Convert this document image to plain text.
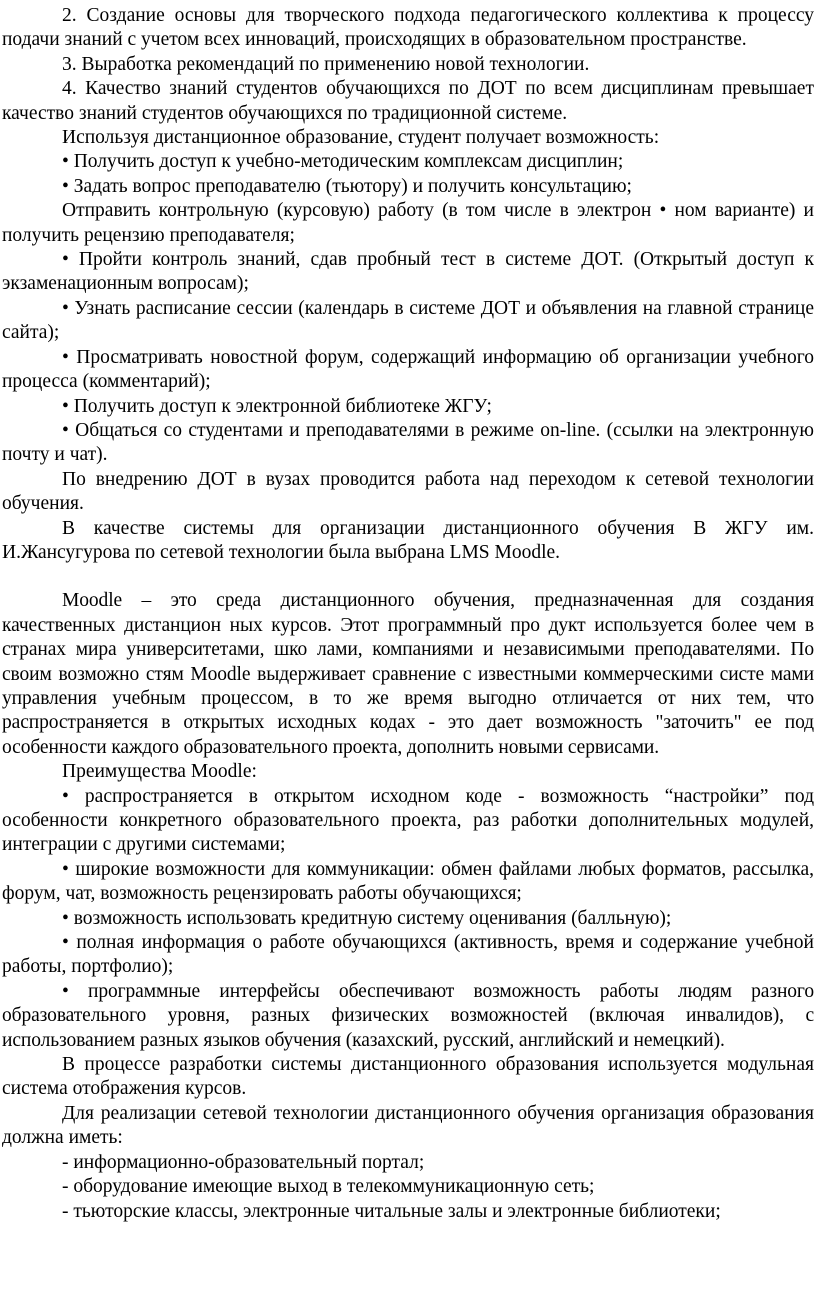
2. Создание основы для творческого подхода педагогического коллектива к процессу подачи знаний с учетом всех инноваций, происходящих в образовательном пространстве.

3. Выработка рекомендаций по применению новой технологии.

4. Качество знаний студентов обучающихся по ДОТ по всем дисциплинам превышает качество знаний студентов обучающихся по традиционной системе.

Используя дистанционное образование, студент получает возможность:

• Получить доступ к учебно-методическим комплексам дисциплин;

• Задать вопрос преподавателю (тьютору) и получить консультацию;

Отправить контрольную (курсовую) работу (в том числе в электрон • ном варианте) и получить рецензию преподавателя;

• Пройти контроль знаний, сдав пробный тест в системе ДОТ. (Открытый доступ к экзаменационным вопросам);

• Узнать расписание сессии (календарь в системе ДОТ и объявления на главной странице сайта);

• Просматривать новостной форум, содержащий информацию об организации учебного процесса (комментарий);

• Получить доступ к электронной библиотеке ЖГУ;

• Общаться со студентами и преподавателями в режиме on-line. (ссылки на электронную почту и чат).

По внедрению ДОТ в вузах проводится работа над переходом к сетевой технологии обучения.

В качестве системы для организации дистанционного обучения В ЖГУ им. И.Жансугурова по сетевой технологии была выбрана LMS Moodle.

Moodle – это среда дистанционного обучения, предназначенная для создания качественных дистанцион ных курсов. Этот программный про дукт используется более чем в странах мира университетами, шко лами, компаниями и независимыми преподавателями. По своим возможно стям Moodle выдерживает сравнение с известными коммерческими систе мами управления учебным процессом, в то же время выгодно отличается от них тем, что распространяется в открытых исходных кодах - это дает возможность "заточить" ее под особенности каждого образовательного проекта, дополнить новыми сервисами.

Преимущества Moodle:

• распространяется в открытом исходном коде - возможность “настройки” под особенности конкретного образовательного проекта, раз работки дополнительных модулей, интеграции с другими системами;

• широкие возможности для коммуникации: обмен файлами любых форматов, рассылка, форум, чат, возможность рецензировать работы обучающихся;

• возможность использовать кредитную систему оценивания (балльную);

• полная информация о работе обучающихся (активность, время и содержание учебной работы, портфолио);

• программные интерфейсы обеспечивают возможность работы людям разного образовательного уровня, разных физических возможностей (включая инвалидов), с использованием разных языков обучения (казахский, русский, английский и немецкий).

В процессе разработки системы дистанционного образования используется модульная система отображения курсов.

Для реализации сетевой технологии дистанционного обучения организация образования должна иметь:

- информационно-образовательный портал;

- оборудование имеющие выход в телекоммуникационную сеть;

- тьюторские классы, электронные читальные залы и электронные библиотеки;
